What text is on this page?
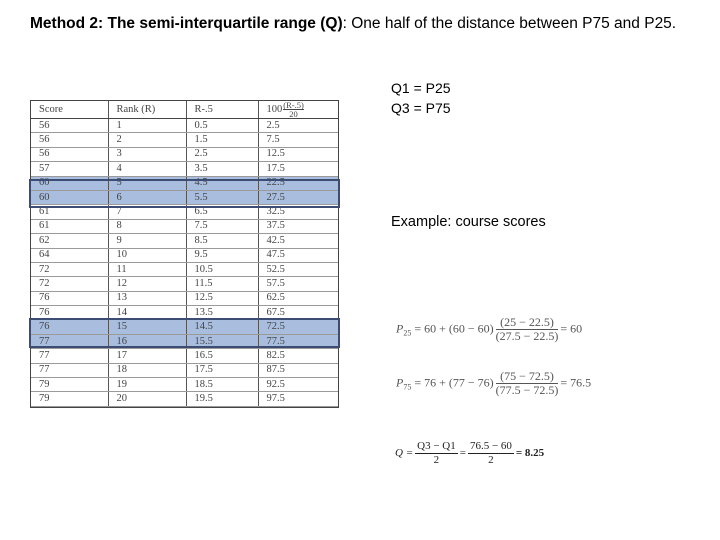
Method 2: The semi-interquartile range (Q): One half of the distance between P75 and P25.
Q1 = P25
Q3 = P75
Example: course scores
Score	Rank (R)	R-.5	$100 \frac{(R-.5)}{20}$

56	1	0.5	2.5
56	2	1.5	7.5
56	3	2.5	12.5
57	4	3.5	17.5
60	5	4.5	22.5
60	6	5.5	27.5
61	7	6.5	32.5
61	8	7.5	37.5
62	9	8.5	42.5
64	10	9.5	47.5
72	11	10.5	52.5
72	12	11.5	57.5
76	13	12.5	62.5
76	14	13.5	67.5
76	15	14.5	72.5
77	16	15.5	77.5
77	17	16.5	82.5
77	18	17.5	87.5
79	19	18.5	92.5
79	20	19.5	97.5
$P_{25} = 60 + (60 - 60) \frac{(25 - 22.5)}{(27.5 - 22.5)} = 60$
$P_{75} = 76 + (77 - 76) \frac{(75 - 72.5)}{(77.5 - 72.5)} = 76.5$
$Q = \frac{Q3 - Q1}{2} = \frac{76.5 - 60}{2} = 8.25$
